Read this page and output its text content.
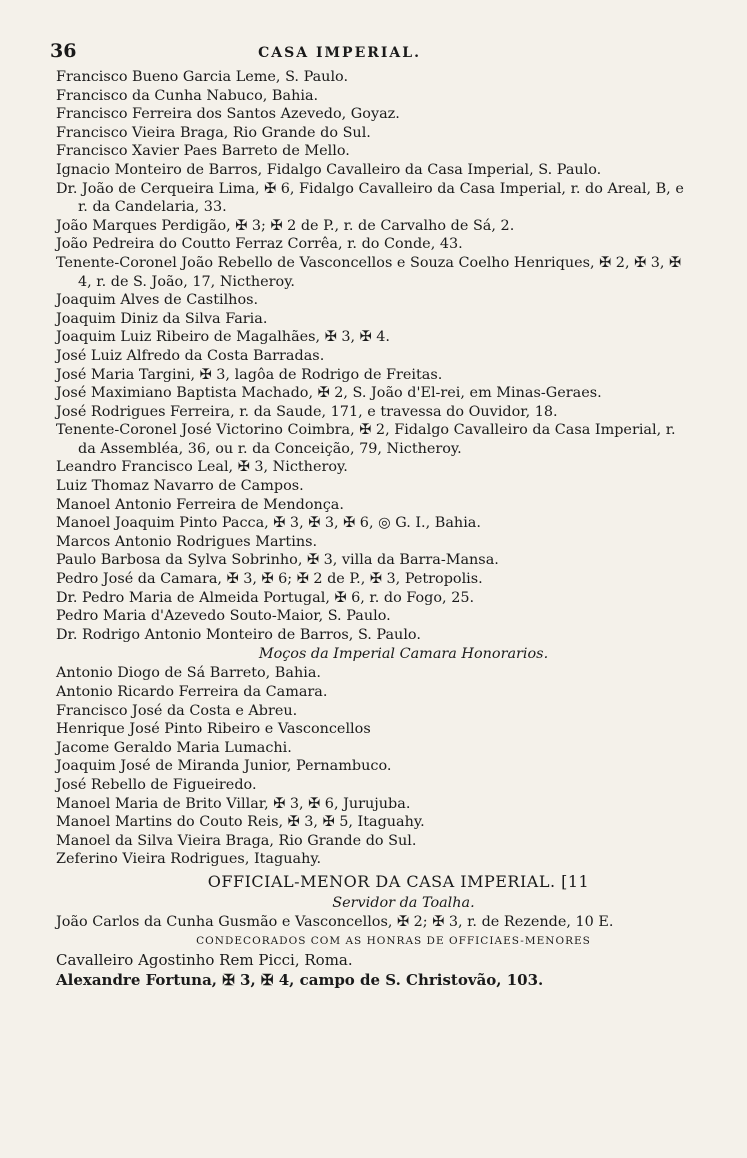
36	CASA IMPERIAL.
Francisco Bueno Garcia Leme, S. Paulo.
Francisco da Cunha Nabuco, Bahia.
Francisco Ferreira dos Santos Azevedo, Goyaz.
Francisco Vieira Braga, Rio Grande do Sul.
Francisco Xavier Paes Barreto de Mello.
Ignacio Monteiro de Barros, Fidalgo Cavalleiro da Casa Imperial, S. Paulo.
Dr. João de Cerqueira Lima, ✠ 6, Fidalgo Cavalleiro da Casa Imperial, r. do Areal, B, e r. da Candelaria, 33.
João Marques Perdigão, ✠ 3; ✠ 2 de P., r. de Carvalho de Sá, 2.
João Pedreira do Coutto Ferraz Corrêa, r. do Conde, 43.
Tenente-Coronel João Rebello de Vasconcellos e Souza Coelho Henriques, ✠ 2, ✠ 3, ✠ 4, r. de S. João, 17, Nictheroy.
Joaquim Alves de Castilhos.
Joaquim Diniz da Silva Faria.
Joaquim Luiz Ribeiro de Magalhães, ✠ 3, ✠ 4.
José Luiz Alfredo da Costa Barradas.
José Maria Targini, ✠ 3, lagôa de Rodrigo de Freitas.
José Maximiano Baptista Machado, ✠ 2, S. João d'El-rei, em Minas-Geraes.
José Rodrigues Ferreira, r. da Saude, 171, e travessa do Ouvidor, 18.
Tenente-Coronel José Victorino Coimbra, ✠ 2, Fidalgo Cavalleiro da Casa Imperial, r. da Assembléa, 36, ou r. da Conceição, 79, Nictheroy.
Leandro Francisco Leal, ✠ 3, Nictheroy.
Luiz Thomaz Navarro de Campos.
Manoel Antonio Ferreira de Mendonça.
Manoel Joaquim Pinto Pacca, ✠ 3, ✠ 3, ✠ 6, ◎ G. I., Bahia.
Marcos Antonio Rodrigues Martins.
Paulo Barbosa da Sylva Sobrinho, ✠ 3, villa da Barra-Mansa.
Pedro José da Camara, ✠ 3, ✠ 6; ✠ 2 de P., ✠ 3, Petropolis.
Dr. Pedro Maria de Almeida Portugal, ✠ 6, r. do Fogo, 25.
Pedro Maria d'Azevedo Souto-Maior, S. Paulo.
Dr. Rodrigo Antonio Monteiro de Barros, S. Paulo.
Moços da Imperial Camara Honorarios.
Antonio Diogo de Sá Barreto, Bahia.
Antonio Ricardo Ferreira da Camara.
Francisco José da Costa e Abreu.
Henrique José Pinto Ribeiro e Vasconcellos
Jacome Geraldo Maria Lumachi.
Joaquim José de Miranda Junior, Pernambuco.
José Rebello de Figueiredo.
Manoel Maria de Brito Villar, ✠ 3, ✠ 6, Jurujuba.
Manoel Martins do Couto Reis, ✠ 3, ✠ 5, Itaguahy.
Manoel da Silva Vieira Braga, Rio Grande do Sul.
Zeferino Vieira Rodrigues, Itaguahy.
OFFICIAL-MENOR DA CASA IMPERIAL. [11
Servidor da Toalha.
João Carlos da Cunha Gusmão e Vasconcellos, ✠ 2; ✠ 3, r. de Rezende, 10 E.
CONDECORADOS COM AS HONRAS DE OFFICIAES-MENORES
Cavalleiro Agostinho Rem Picci, Roma.
Alexandre Fortuna, ✠ 3, ✠ 4, campo de S. Christovão, 103.
